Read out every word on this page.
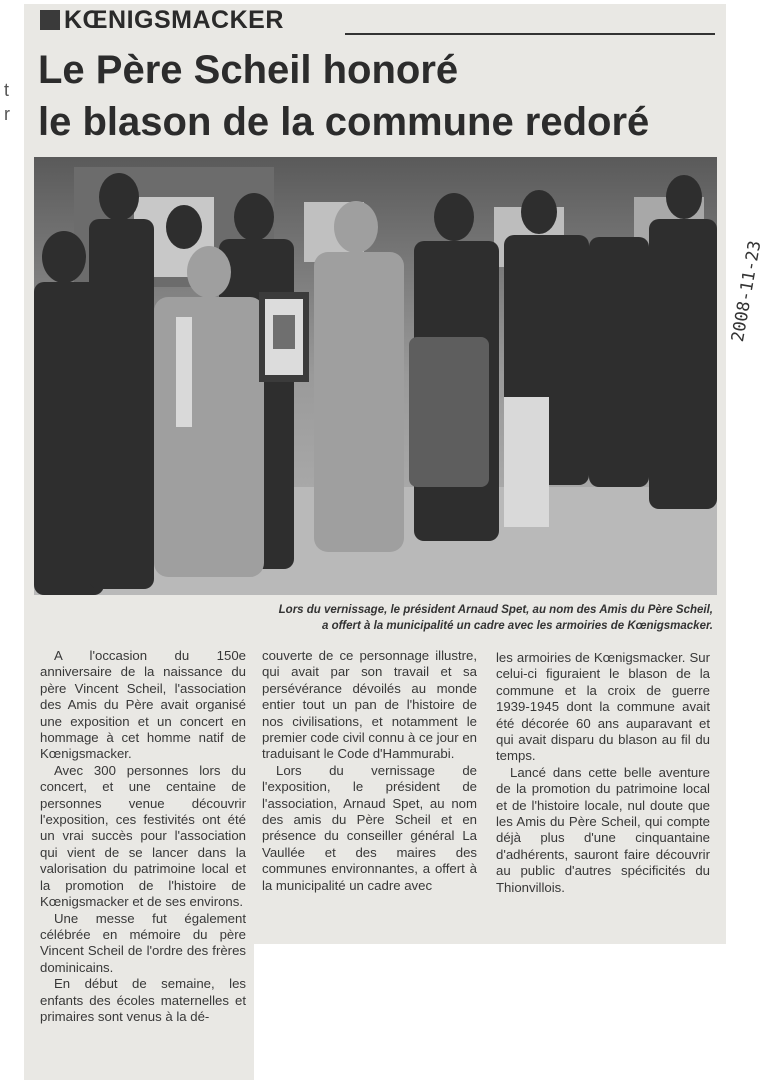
t
r
KŒNIGSMACKER
Le Père Scheil honoré
le blason de la commune redoré
2008-11-23
Lors du vernissage, le président Arnaud Spet, au nom des Amis du Père Scheil,
a offert à la municipalité un cadre avec les armoiries de Kœnigsmacker.

A l'occasion du 150e anniversaire de la naissance du père Vincent Scheil, l'association des Amis du Père avait organisé une exposition et un concert en hommage à cet homme natif de Kœnigsmacker.

Avec 300 personnes lors du concert, et une centaine de personnes venue découvrir l'exposition, ces festivités ont été un vrai succès pour l'association qui vient de se lancer dans la valorisation du patrimoine local et la promotion de l'histoire de Kœnigsmacker et de ses environs.

Une messe fut également célébrée en mémoire du père Vincent Scheil de l'ordre des frères dominicains.

En début de semaine, les enfants des écoles maternelles et primaires sont venus à la dé-

couverte de ce personnage illustre, qui avait par son travail et sa persévérance dévoilés au monde entier tout un pan de l'histoire de nos civilisations, et notamment le premier code civil connu à ce jour en traduisant le Code d'Hammurabi.

Lors du vernissage de l'exposition, le président de l'association, Arnaud Spet, au nom des amis du Père Scheil et en présence du conseiller général La Vaullée et des maires des communes environnantes, a offert à la municipalité un cadre avec

les armoiries de Kœnigsmacker. Sur celui-ci figuraient le blason de la commune et la croix de guerre 1939-1945 dont la commune avait été décorée 60 ans auparavant et qui avait disparu du blason au fil du temps.

Lancé dans cette belle aventure de la promotion du patrimoine local et de l'histoire locale, nul doute que les Amis du Père Scheil, qui compte déjà plus d'une cinquantaine d'adhérents, sauront faire découvrir au public d'autres spécificités du Thionvillois.
